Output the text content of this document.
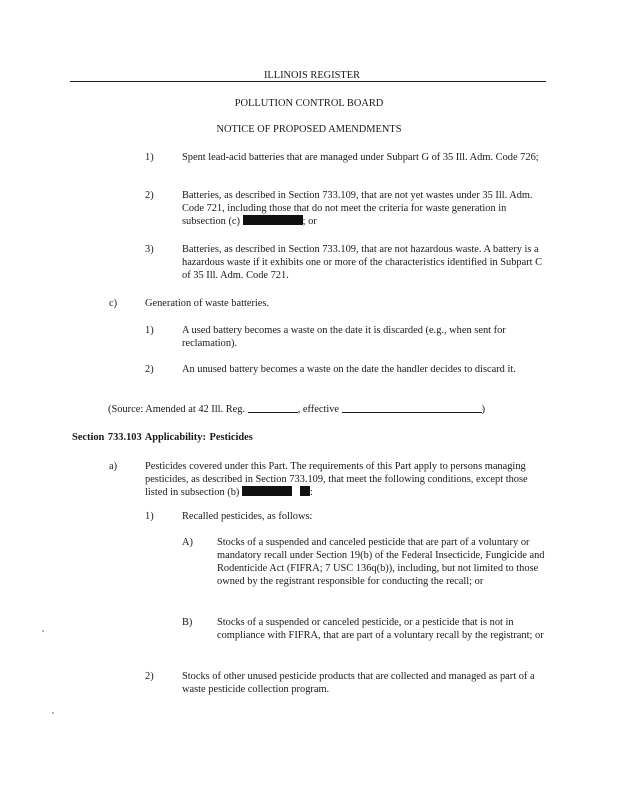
ILLINOIS REGISTER
POLLUTION CONTROL BOARD
NOTICE OF PROPOSED AMENDMENTS
1)	Spent lead-acid batteries that are managed under Subpart G of 35 Ill. Adm. Code 726;
2)	Batteries, as described in Section 733.109, that are not yet wastes under 35 Ill. Adm. Code 721, including those that do not meet the criteria for waste generation in subsection (c)	; or
3)	Batteries, as described in Section 733.109, that are not hazardous waste. A battery is a hazardous waste if it exhibits one or more of the characteristics identified in Subpart C of 35 Ill. Adm. Code 721.
c)	Generation of waste batteries.
1)	A used battery becomes a waste on the date it is discarded (e.g., when sent for reclamation).
2)	An unused battery becomes a waste on the date the handler decides to discard it.
(Source: Amended at 42 Ill. Reg.	, effective	)
Section 733.103 Applicability: Pesticides
a)	Pesticides covered under this Part. The requirements of this Part apply to persons managing pesticides, as described in Section 733.109, that meet the following conditions, except those listed in subsection (b)	:
1)	Recalled pesticides, as follows:
A) Stocks of a suspended and canceled pesticide that are part of a voluntary or mandatory recall under Section 19(b) of the Federal Insecticide, Fungicide and Rodenticide Act (FIFRA; 7 USC 136q(b)), including, but not limited to those owned by the registrant responsible for conducting the recall; or
B) Stocks of a suspended or canceled pesticide, or a pesticide that is not in compliance with FIFRA, that are part of a voluntary recall by the registrant; or
2)	Stocks of other unused pesticide products that are collected and managed as part of a waste pesticide collection program.
